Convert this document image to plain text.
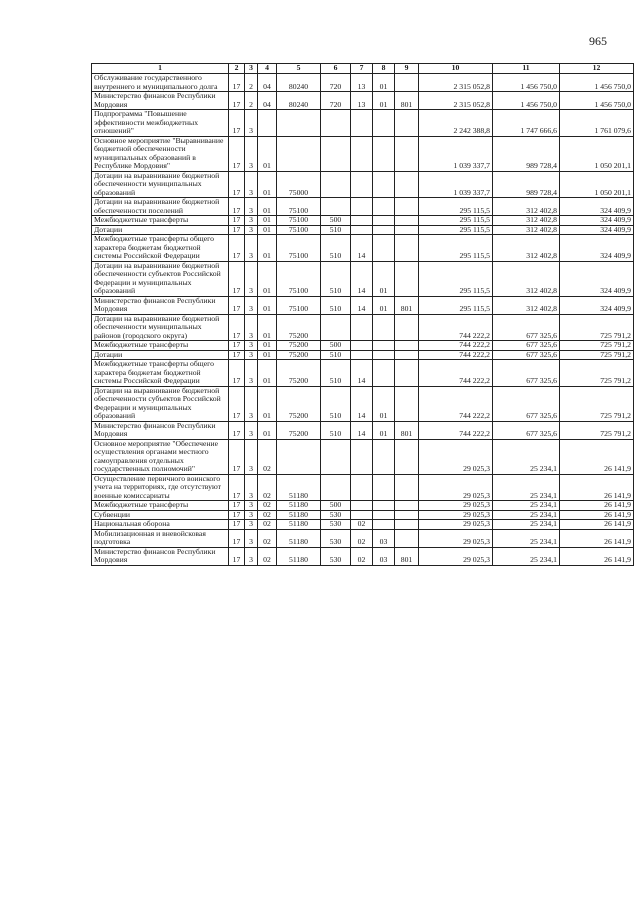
965
1	2	3	4	5	6	7	8	9	10	11	12
Обслуживание государственного внутреннего и муниципального долга	17	2	04	80240	720	13	01		2 315 052,8	1 456 750,0	1 456 750,0
Министерство финансов Республики Мордовия	17	2	04	80240	720	13	01	801	2 315 052,8	1 456 750,0	1 456 750,0
Подпрограмма "Повышение эффективности межбюджетных отношений"	17	3							2 242 388,8	1 747 666,6	1 761 079,6
Основное мероприятие "Выравнивание бюджетной обеспеченности муниципальных образований в Республике Мордовия"	17	3	01						1 039 337,7	989 728,4	1 050 201,1
Дотации на выравнивание бюджетной обеспеченности муниципальных образований	17	3	01	75000					1 039 337,7	989 728,4	1 050 201,1
Дотации на выравнивание бюджетной обеспеченности поселений	17	3	01	75100					295 115,5	312 402,8	324 409,9
Межбюджетные трансферты	17	3	01	75100	500				295 115,5	312 402,8	324 409,9
Дотации	17	3	01	75100	510				295 115,5	312 402,8	324 409,9
Межбюджетные трансферты общего характера бюджетам бюджетной системы Российской Федерации	17	3	01	75100	510	14			295 115,5	312 402,8	324 409,9
Дотации на выравнивание бюджетной обеспеченности субъектов Российской Федерации и муниципальных образований	17	3	01	75100	510	14	01		295 115,5	312 402,8	324 409,9
Министерство финансов Республики Мордовия	17	3	01	75100	510	14	01	801	295 115,5	312 402,8	324 409,9
Дотации на выравнивание бюджетной обеспеченности муниципальных районов (городского округа)	17	3	01	75200					744 222,2	677 325,6	725 791,2
Межбюджетные трансферты	17	3	01	75200	500				744 222,2	677 325,6	725 791,2
Дотации	17	3	01	75200	510				744 222,2	677 325,6	725 791,2
Межбюджетные трансферты общего характера бюджетам бюджетной системы Российской Федерации	17	3	01	75200	510	14			744 222,2	677 325,6	725 791,2
Дотации на выравнивание бюджетной обеспеченности субъектов Российской Федерации и муниципальных образований	17	3	01	75200	510	14	01		744 222,2	677 325,6	725 791,2
Министерство финансов Республики Мордовия	17	3	01	75200	510	14	01	801	744 222,2	677 325,6	725 791,2
Основное мероприятие "Обеспечение осуществления органами местного самоуправления отдельных государственных полномочий"	17	3	02						29 025,3	25 234,1	26 141,9
Осуществление первичного воинского учета на территориях, где отсутствуют военные комиссариаты	17	3	02	51180					29 025,3	25 234,1	26 141,9
Межбюджетные трансферты	17	3	02	51180	500				29 025,3	25 234,1	26 141,9
Субвенции	17	3	02	51180	530				29 025,3	25 234,1	26 141,9
Национальная оборона	17	3	02	51180	530	02			29 025,3	25 234,1	26 141,9
Мобилизационная и вневойсковая подготовка	17	3	02	51180	530	02	03		29 025,3	25 234,1	26 141,9
Министерство финансов Республики Мордовия	17	3	02	51180	530	02	03	801	29 025,3	25 234,1	26 141,9
